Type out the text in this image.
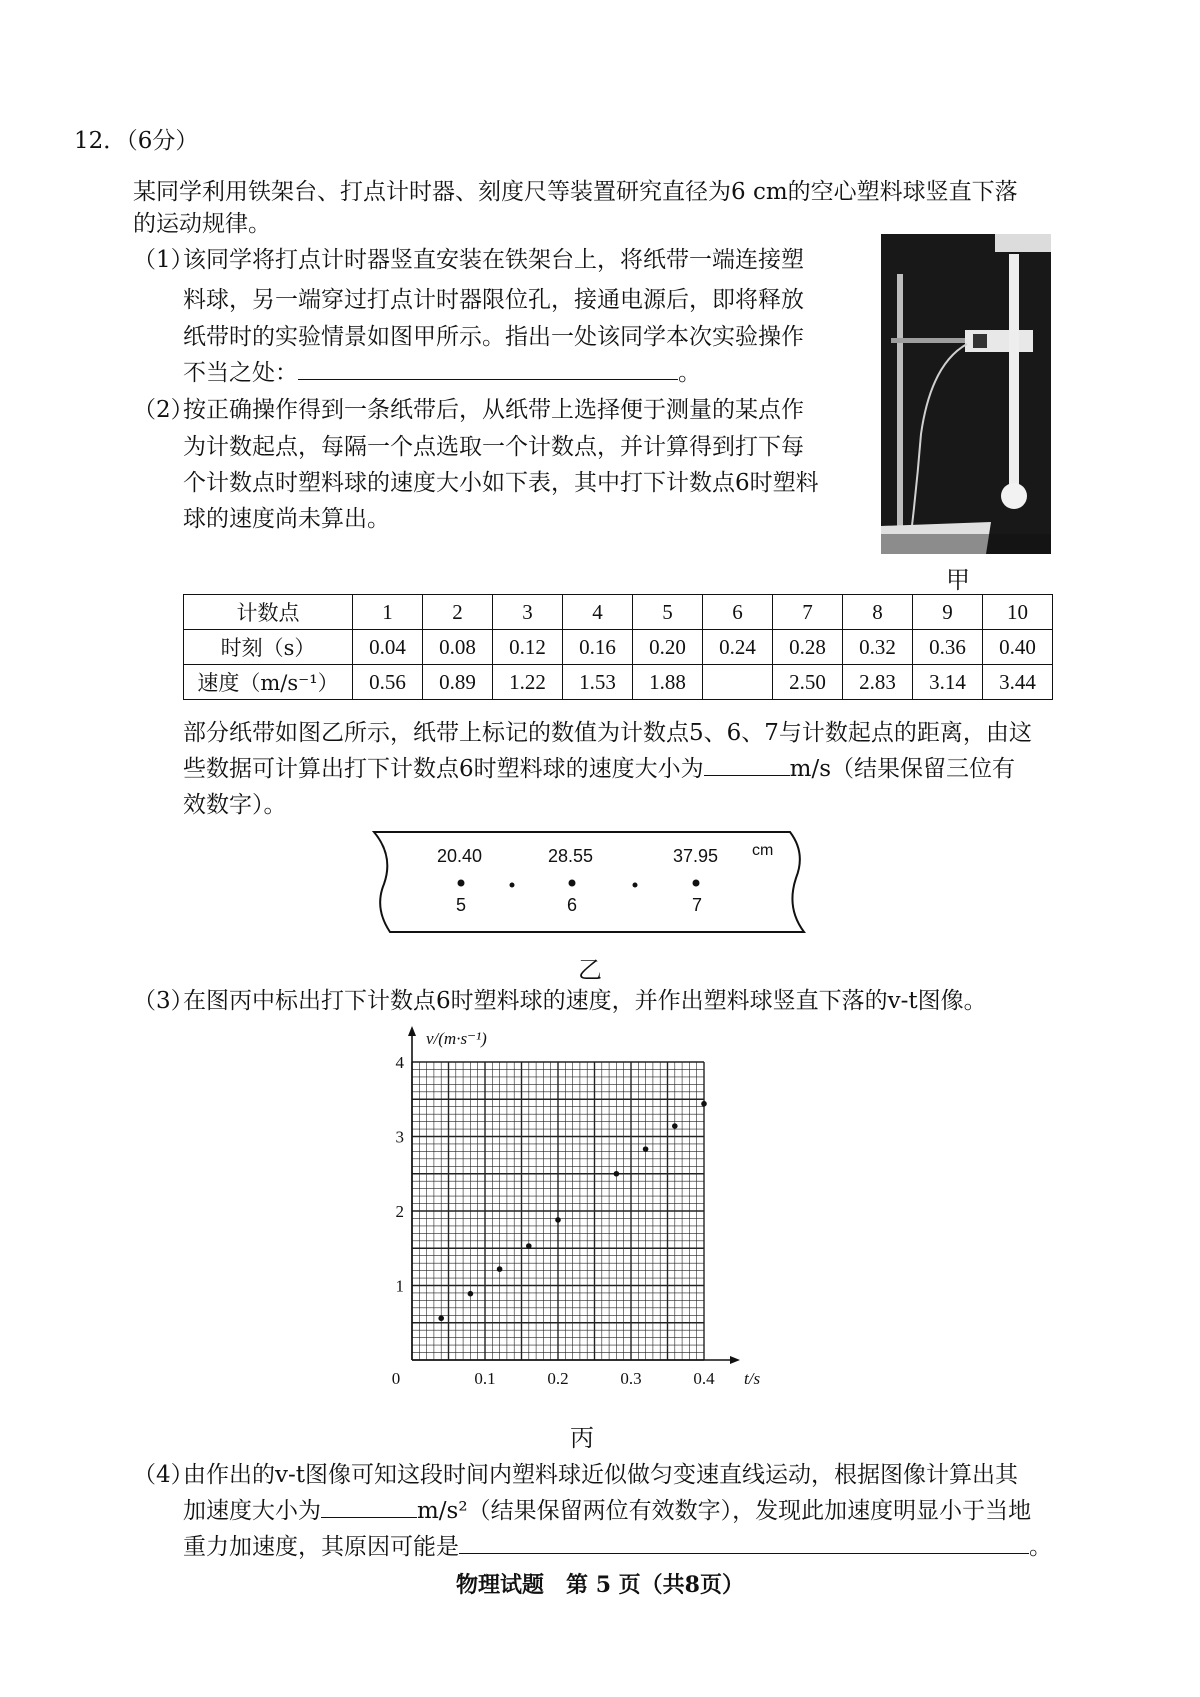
12．（6分）
某同学利用铁架台、打点计时器、刻度尺等装置研究直径为6 cm的空心塑料球竖直下落
的运动规律。
（1）
该同学将打点计时器竖直安装在铁架台上，将纸带一端连接塑
料球，另一端穿过打点计时器限位孔，接通电源后，即将释放
纸带时的实验情景如图甲所示。指出一处该同学本次实验操作
不当之处：	。
（2）
按正确操作得到一条纸带后，从纸带上选择便于测量的某点作
为计数起点，每隔一个点选取一个计数点，并计算得到打下每
个计数点时塑料球的速度大小如下表，其中打下计数点6时塑料
球的速度尚未算出。
甲
计数点	1	2	3	4	5	6	7	8	9	10
时刻（s）	0.04	0.08	0.12	0.16	0.20	0.24	0.28	0.32	0.36	0.40
速度（m/s⁻¹）	0.56	0.89	1.22	1.53	1.88		2.50	2.83	3.14	3.44
部分纸带如图乙所示，纸带上标记的数值为计数点5、6、7与计数起点的距离，由这
些数据可计算出打下计数点6时塑料球的速度大小为	m/s（结果保留三位有
效数字）。
20.40	28.55	37.95 cm
5	6	7
乙
（3）
在图丙中标出打下计数点6时塑料球的速度，并作出塑料球竖直下落的v-t图像。
0.1	0.2	0.3	0.4
1
2
3
4
0	t/s
v/(m·s⁻¹)
丙
（4）
由作出的v-t图像可知这段时间内塑料球近似做匀变速直线运动，根据图像计算出其
加速度大小为	m/s²（结果保留两位有效数字），发现此加速度明显小于当地
重力加速度，其原因可能是	。
物理试题　第 5 页（共8页）
